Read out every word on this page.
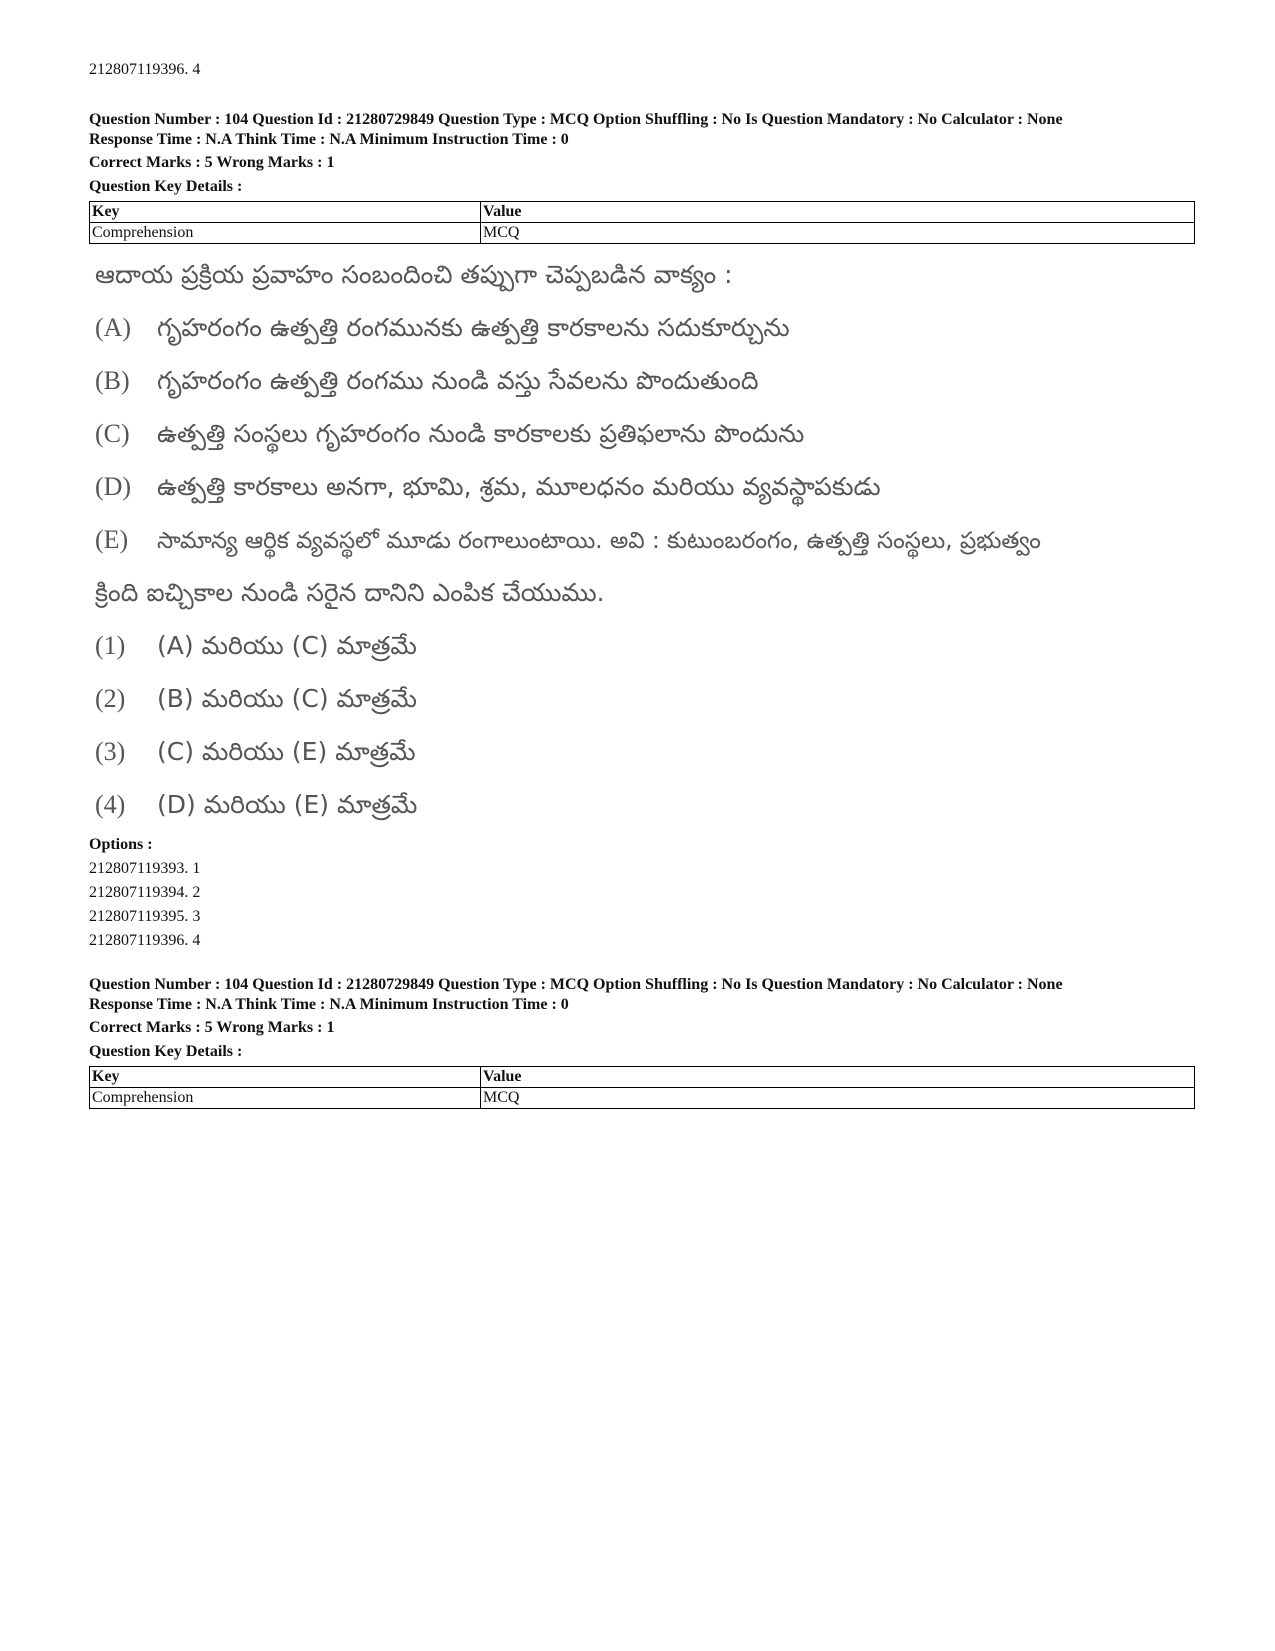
212807119396. 4
Question Number : 104 Question Id : 21280729849 Question Type : MCQ Option Shuffling : No Is Question Mandatory : No Calculator : None
Response Time : N.A Think Time : N.A Minimum Instruction Time : 0
Correct Marks : 5 Wrong Marks : 1
Question Key Details :
Key	Value
Comprehension	MCQ
ఆదాయ ప్రక్రియ ప్రవాహం సంబందించి తప్పుగా చెప్పబడిన వాక్యం :
(A) గృహరంగం ఉత్పత్తి రంగమునకు ఉత్పత్తి కారకాలను సదుకూర్చును
(B) గృహరంగం ఉత్పత్తి రంగము నుండి వస్తు సేవలను పొందుతుంది
(C) ఉత్పత్తి సంస్థలు గృహరంగం నుండి కారకాలకు ప్రతిఫలాను పొందును
(D) ఉత్పత్తి కారకాలు అనగా, భూమి, శ్రమ, మూలధనం మరియు వ్యవస్థాపకుడు
(E) సామాన్య ఆర్థిక వ్యవస్థలో మూడు రంగాలుంటాయి. అవి : కుటుంబరంగం, ఉత్పత్తి సంస్థలు, ప్రభుత్వం
క్రింది ఐచ్చికాల నుండి సరైన దానిని ఎంపిక చేయుము.
(1) (A) మరియు (C) మాత్రమే
(2) (B) మరియు (C) మాత్రమే
(3) (C) మరియు (E) మాత్రమే
(4) (D) మరియు (E) మాత్రమే
Options :
212807119393. 1
212807119394. 2
212807119395. 3
212807119396. 4
Question Number : 104 Question Id : 21280729849 Question Type : MCQ Option Shuffling : No Is Question Mandatory : No Calculator : None
Response Time : N.A Think Time : N.A Minimum Instruction Time : 0
Correct Marks : 5 Wrong Marks : 1
Question Key Details :
Key	Value
Comprehension	MCQ
